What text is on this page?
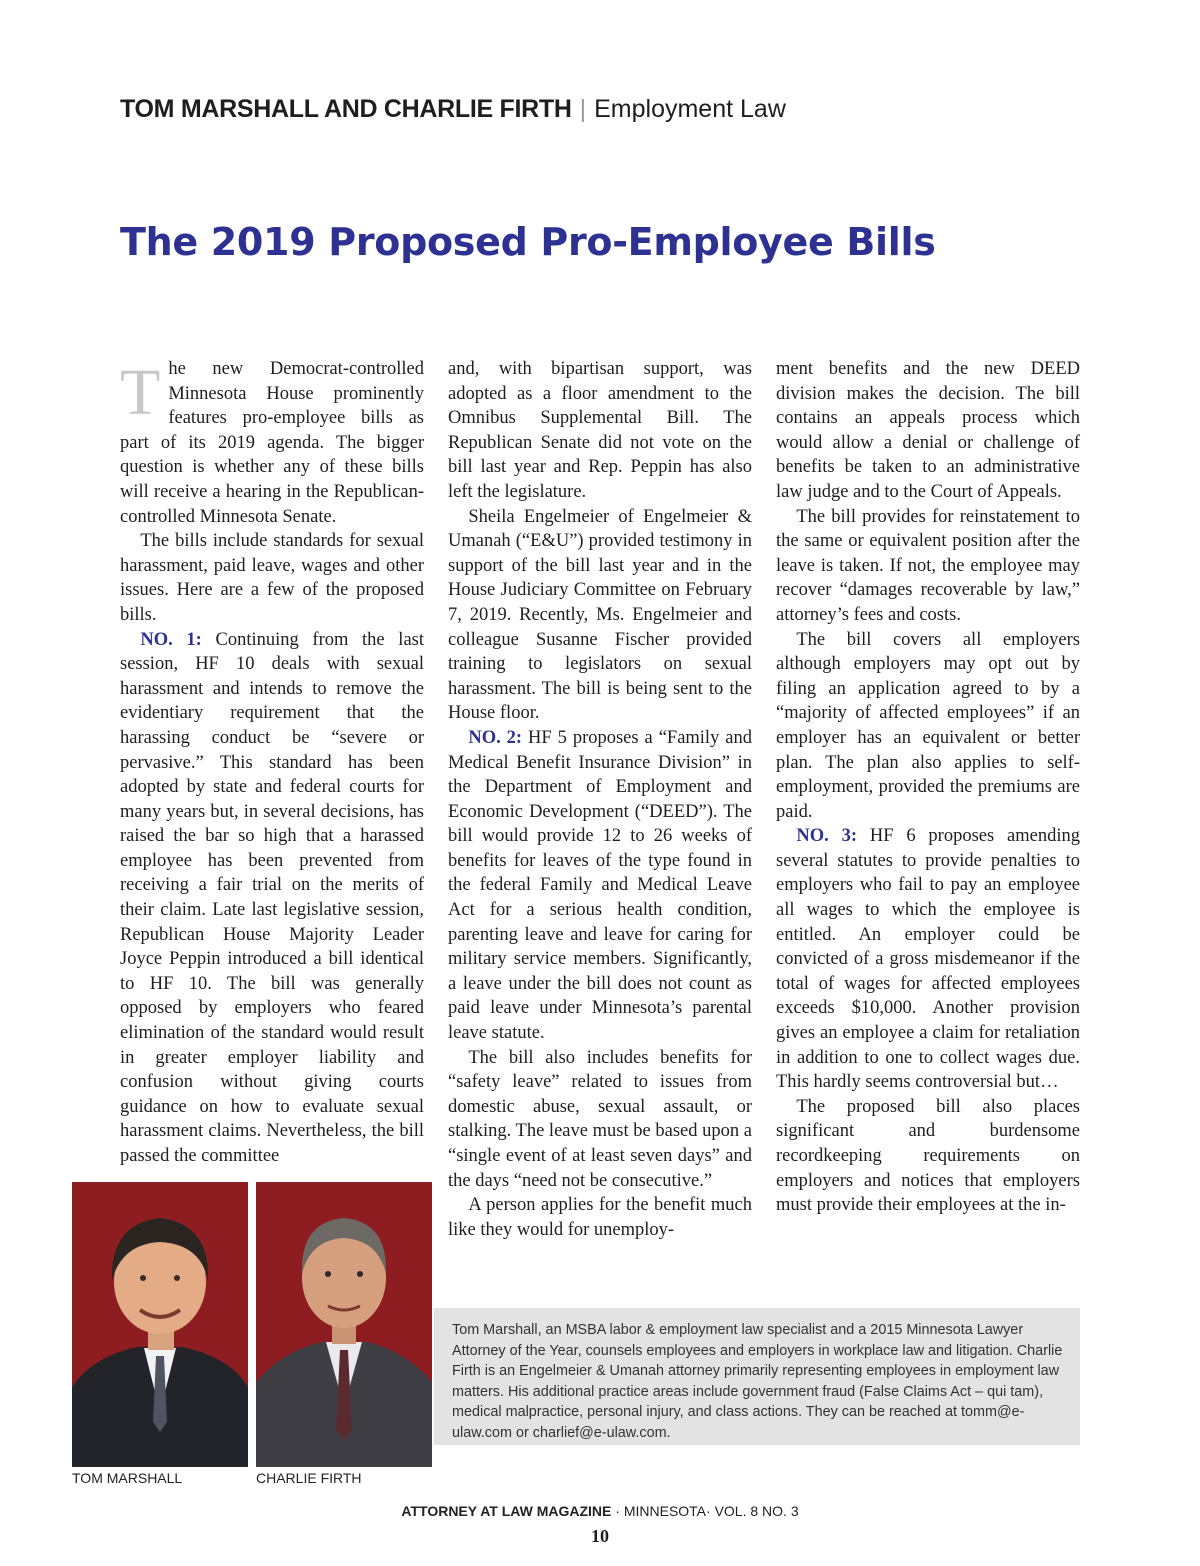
TOM MARSHALL AND CHARLIE FIRTH | Employment Law
The 2019 Proposed Pro-Employee Bills

The new Democrat-controlled Minnesota House prominently features pro-employee bills as part of its 2019 agenda. The bigger question is whether any of these bills will receive a hearing in the Republican-controlled Minnesota Senate.

The bills include standards for sexual harassment, paid leave, wages and other issues. Here are a few of the proposed bills.

NO. 1: Continuing from the last session, HF 10 deals with sexual harassment and intends to remove the evidentiary requirement that the harassing conduct be “severe or pervasive.” This standard has been adopted by state and federal courts for many years but, in several decisions, has raised the bar so high that a harassed employee has been prevented from receiving a fair trial on the merits of their claim. Late last legislative session, Republican House Majority Leader Joyce Peppin introduced a bill identical to HF 10. The bill was generally opposed by employers who feared elimination of the standard would result in greater employer liability and confusion without giving courts guidance on how to evaluate sexual harassment claims. Nevertheless, the bill passed the committee

and, with bipartisan support, was adopted as a floor amendment to the Omnibus Supplemental Bill. The Republican Senate did not vote on the bill last year and Rep. Peppin has also left the legislature.

Sheila Engelmeier of Engelmeier & Umanah (“E&U”) provided testimony in support of the bill last year and in the House Judiciary Committee on February 7, 2019. Recently, Ms. Engelmeier and colleague Susanne Fischer provided training to legislators on sexual harassment. The bill is being sent to the House floor.

NO. 2: HF 5 proposes a “Family and Medical Benefit Insurance Division” in the Department of Employment and Economic Development (“DEED”). The bill would provide 12 to 26 weeks of benefits for leaves of the type found in the federal Family and Medical Leave Act for a serious health condition, parenting leave and leave for caring for military service members. Significantly, a leave under the bill does not count as paid leave under Minnesota’s parental leave statute.

The bill also includes benefits for “safety leave” related to issues from domestic abuse, sexual assault, or stalking. The leave must be based upon a “single event of at least seven days” and the days “need not be consecutive.”

A person applies for the benefit much like they would for unemploy-

ment benefits and the new DEED division makes the decision. The bill contains an appeals process which would allow a denial or challenge of benefits be taken to an administrative law judge and to the Court of Appeals.

The bill provides for reinstatement to the same or equivalent position after the leave is taken. If not, the employee may recover “damages recoverable by law,” attorney’s fees and costs.

The bill covers all employers although employers may opt out by filing an application agreed to by a “majority of affected employees” if an employer has an equivalent or better plan. The plan also applies to self-employment, provided the premiums are paid.

NO. 3: HF 6 proposes amending several statutes to provide penalties to employers who fail to pay an employee all wages to which the employee is entitled. An employer could be convicted of a gross misdemeanor if the total of wages for affected employees exceeds $10,000. Another provision gives an employee a claim for retaliation in addition to one to collect wages due. This hardly seems controversial but…

The proposed bill also places significant and burdensome recordkeeping requirements on employers and notices that employers must provide their employees at the in-

TOM MARSHALL	CHARLIE FIRTH
Tom Marshall, an MSBA labor & employment law specialist and a 2015 Minnesota Lawyer Attorney of the Year, counsels employees and employers in workplace law and litigation. Charlie Firth is an Engelmeier & Umanah attorney primarily representing employees in employment law matters. His additional practice areas include government fraud (False Claims Act – qui tam), medical malpractice, personal injury, and class actions. They can be reached at tomm@e-ulaw.com or charlief@e-ulaw.com.
ATTORNEY AT LAW MAGAZINE · MINNESOTA· VOL. 8 NO. 3
10
